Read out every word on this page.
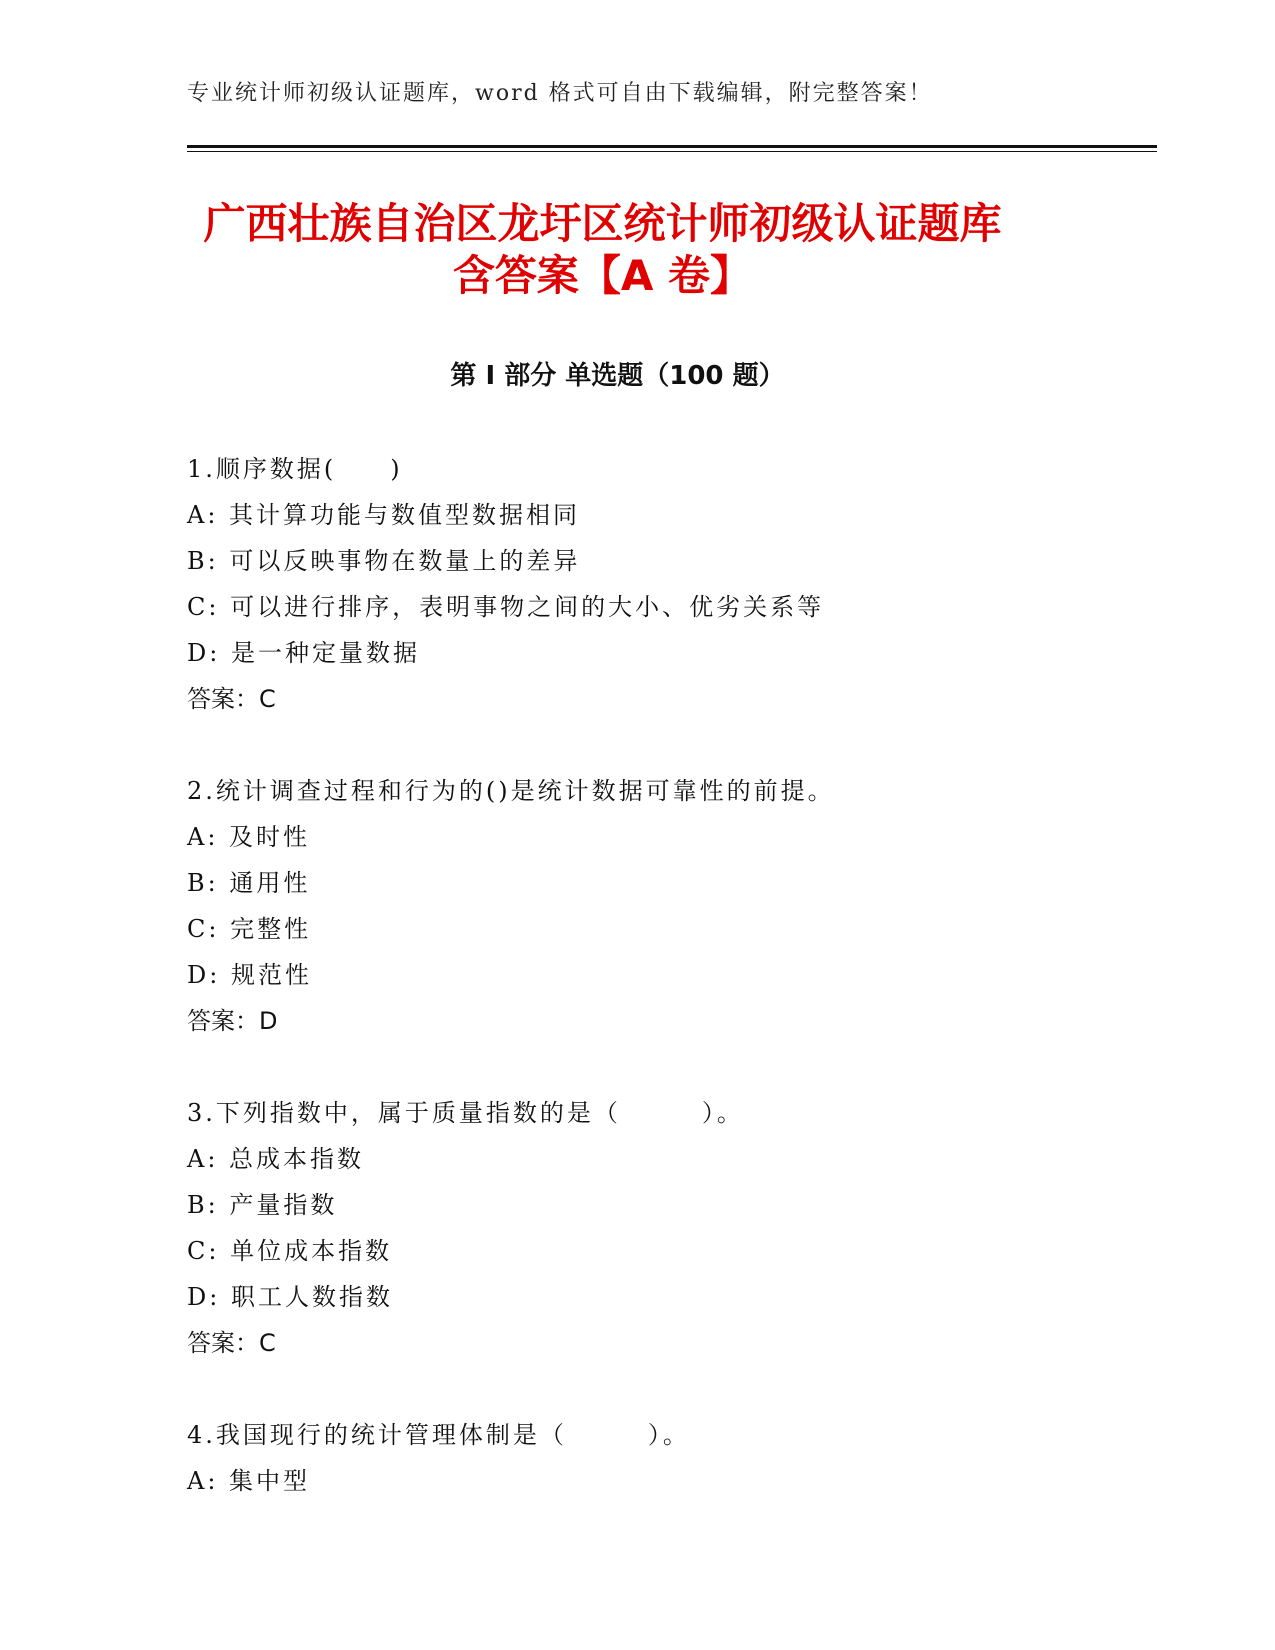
专业统计师初级认证题库，word 格式可自由下载编辑，附完整答案！
广西壮族自治区龙圩区统计师初级认证题库
含答案【A 卷】
第 I 部分 单选题（100 题）
1.顺序数据(　　)
A: 其计算功能与数值型数据相同
B: 可以反映事物在数量上的差异
C: 可以进行排序，表明事物之间的大小、优劣关系等
D: 是一种定量数据
答案：C
2.统计调查过程和行为的()是统计数据可靠性的前提。
A: 及时性
B: 通用性
C: 完整性
D: 规范性
答案：D
3.下列指数中，属于质量指数的是（　　　）。
A: 总成本指数
B: 产量指数
C: 单位成本指数
D: 职工人数指数
答案：C
4.我国现行的统计管理体制是（　　　）。
A: 集中型
